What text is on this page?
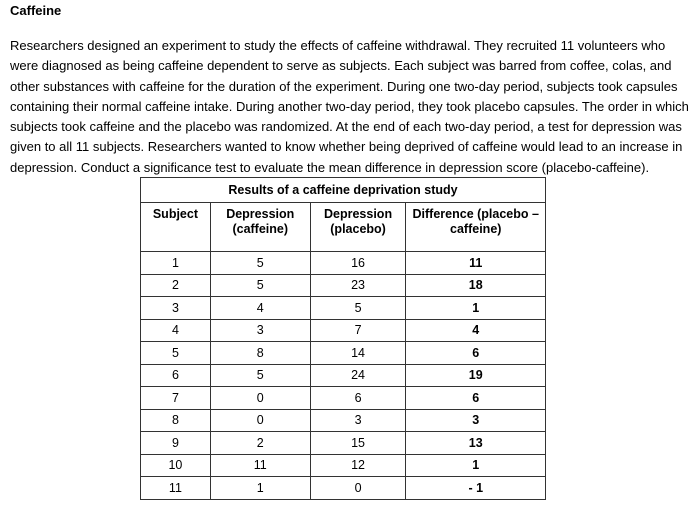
Caffeine

Researchers designed an experiment to study the effects of caffeine withdrawal. They recruited 11 volunteers who were diagnosed as being caffeine dependent to serve as subjects. Each subject was barred from coffee, colas, and other substances with caffeine for the duration of the experiment. During one two-day period, subjects took capsules containing their normal caffeine intake. During another two-day period, they took placebo capsules. The order in which subjects took caffeine and the placebo was randomized. At the end of each two-day period, a test for depression was given to all 11 subjects. Researchers wanted to know whether being deprived of caffeine would lead to an increase in depression. Conduct a significance test to evaluate the mean difference in depression score (placebo-caffeine).

Results of a caffeine deprivation study			
Subject	Depression (caffeine)	Depression (placebo)	Difference (placebo – caffeine)
1	5	16	11
2	5	23	18
3	4	5	1
4	3	7	4
5	8	14	6
6	5	24	19
7	0	6	6
8	0	3	3
9	2	15	13
10	11	12	1
11	1	0	- 1
